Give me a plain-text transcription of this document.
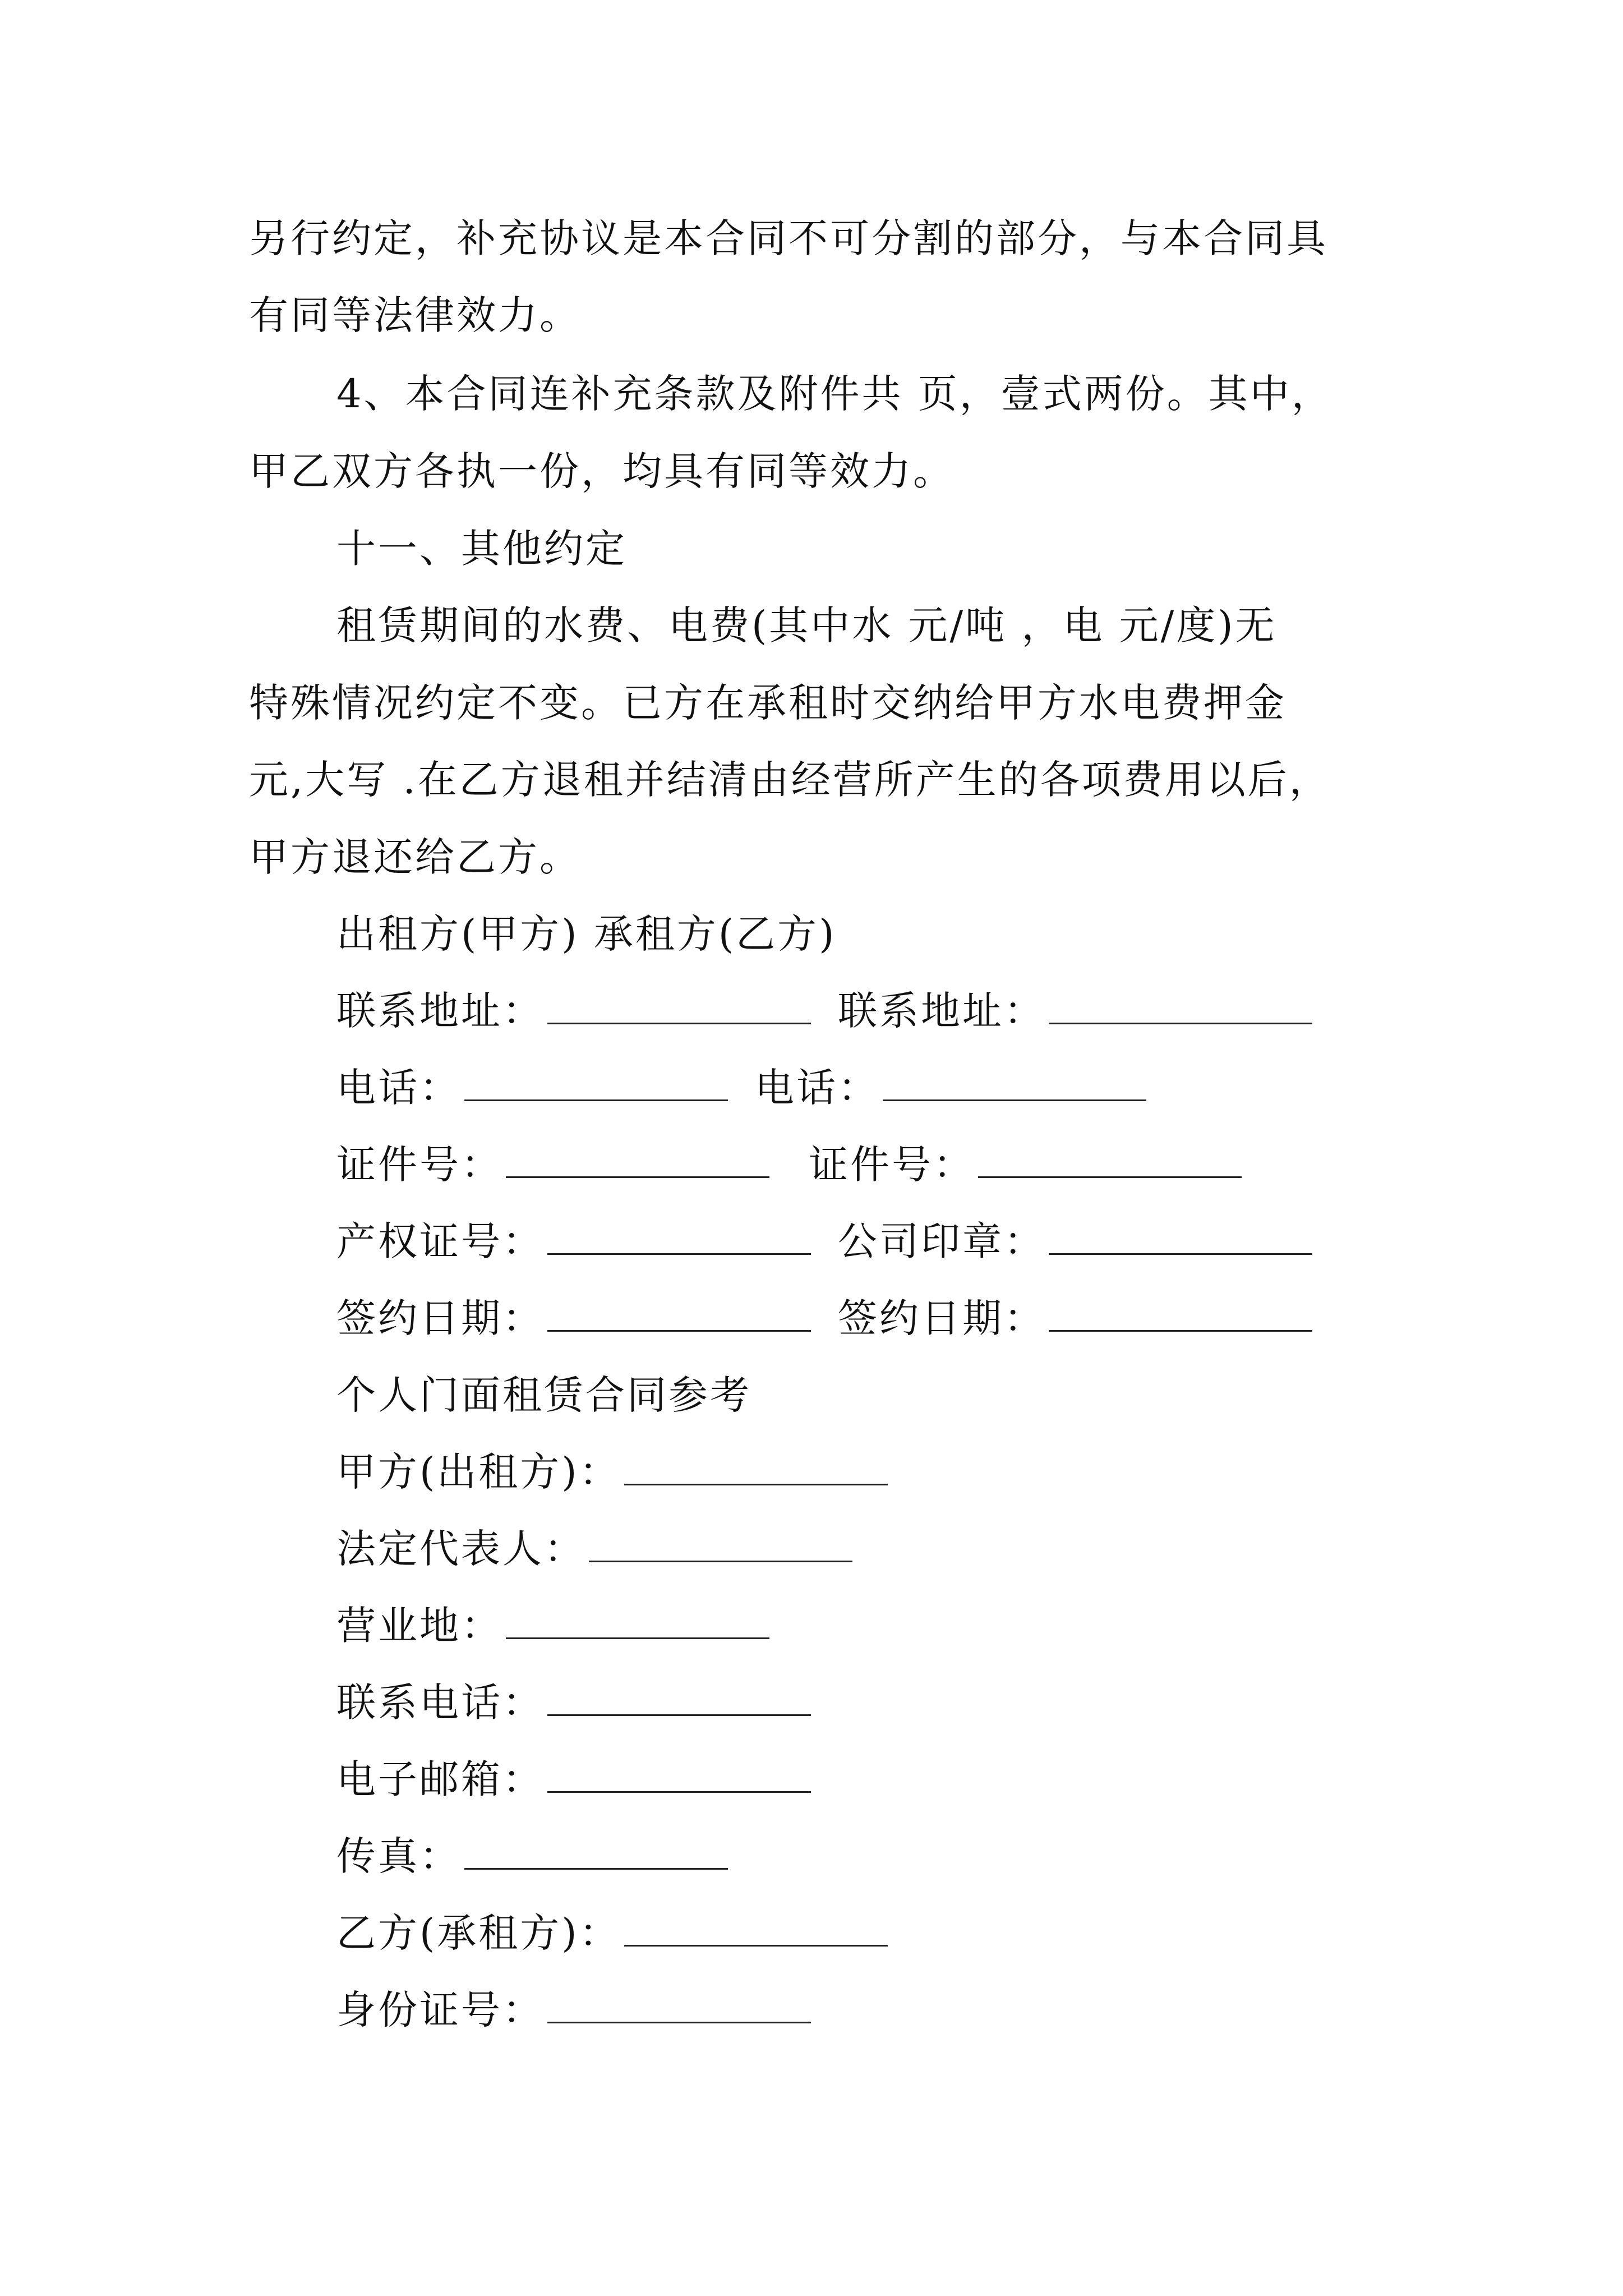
另行约定，补充协议是本合同不可分割的部分，与本合同具
有同等法律效力。
4、本合同连补充条款及附件共 页，壹式两份。其中，
甲乙双方各执一份，均具有同等效力。
十一、其他约定
租赁期间的水费、电费(其中水 元/吨 ，电 元/度)无
特殊情况约定不变。已方在承租时交纳给甲方水电费押金
元,大写 .在乙方退租并结清由经营所产生的各项费用以后，
甲方退还给乙方。
出租方(甲方) 承租方(乙方)
联系地址：	联系地址：
电话：	电话：
证件号：	证件号：
产权证号：	公司印章：
签约日期：	签约日期：
个人门面租赁合同参考
甲方(出租方)：
法定代表人：
营业地：
联系电话：
电子邮箱：
传真：
乙方(承租方)：
身份证号：
